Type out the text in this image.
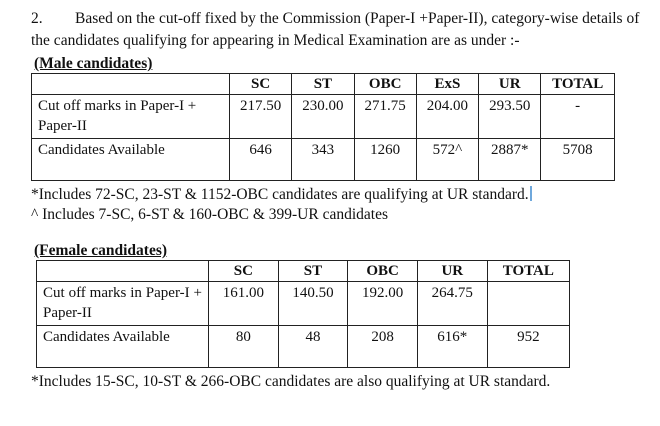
2. Based on the cut-off fixed by the Commission (Paper-I +Paper-II), category-wise details of the candidates qualifying for appearing in Medical Examination are as under :-
(Male candidates)
	SC	ST	OBC	ExS	UR	TOTAL
Cut off marks in Paper-I + Paper-II	217.50	230.00	271.75	204.00	293.50	-
Candidates Available	646	343	1260	572^	2887*	5708
*Includes 72-SC, 23-ST & 1152-OBC candidates are qualifying at UR standard.
^ Includes 7-SC, 6-ST & 160-OBC & 399-UR candidates
(Female candidates)
	SC	ST	OBC	UR	TOTAL
Cut off marks in Paper-I + Paper-II	161.00	140.50	192.00	264.75	
Candidates Available	80	48	208	616*	952
*Includes 15-SC, 10-ST & 266-OBC candidates are also qualifying at UR standard.
